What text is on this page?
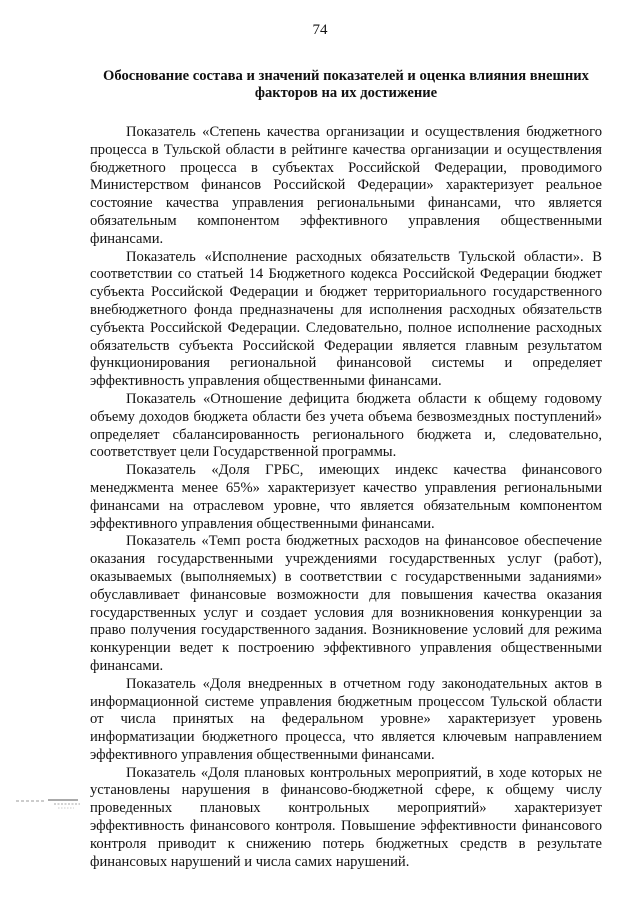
74
Обоснование состава и значений показателей и оценка влияния внешних факторов на их достижение

Показатель «Степень качества организации и осуществления бюджетного процесса в Тульской области в рейтинге качества организации и осуществления бюджетного процесса в субъектах Российской Федерации, проводимого Министерством финансов Российской Федерации» характеризует реальное состояние качества управления региональными финансами, что является обязательным компонентом эффективного управления общественными финансами.

Показатель «Исполнение расходных обязательств Тульской области». В соответствии со статьей 14 Бюджетного кодекса Российской Федерации бюджет субъекта Российской Федерации и бюджет территориального государственного внебюджетного фонда предназначены для исполнения расходных обязательств субъекта Российской Федерации. Следовательно, полное исполнение расходных обязательств субъекта Российской Федерации является главным результатом функционирования региональной финансовой системы и определяет эффективность управления общественными финансами.

Показатель «Отношение дефицита бюджета области к общему годовому объему доходов бюджета области без учета объема безвозмездных поступлений» определяет сбалансированность регионального бюджета и, следовательно, соответствует цели Государственной программы.

Показатель «Доля ГРБС, имеющих индекс качества финансового менеджмента менее 65%» характеризует качество управления региональными финансами на отраслевом уровне, что является обязательным компонентом эффективного управления общественными финансами.

Показатель «Темп роста бюджетных расходов на финансовое обеспечение оказания государственными учреждениями государственных услуг (работ), оказываемых (выполняемых) в соответствии с государственными заданиями» обуславливает финансовые возможности для повышения качества оказания государственных услуг и создает условия для возникновения конкуренции за право получения государственного задания. Возникновение условий для режима конкуренции ведет к построению эффективного управления общественными финансами.

Показатель «Доля внедренных в отчетном году законодательных актов в информационной системе управления бюджетным процессом Тульской области от числа принятых на федеральном уровне» характеризует уровень информатизации бюджетного процесса, что является ключевым направлением эффективного управления общественными финансами.

Показатель «Доля плановых контрольных мероприятий, в ходе которых не установлены нарушения в финансово-бюджетной сфере, к общему числу проведенных плановых контрольных мероприятий» характеризует эффективность финансового контроля. Повышение эффективности финансового контроля приводит к снижению потерь бюджетных средств в результате финансовых нарушений и числа самих нарушений.
